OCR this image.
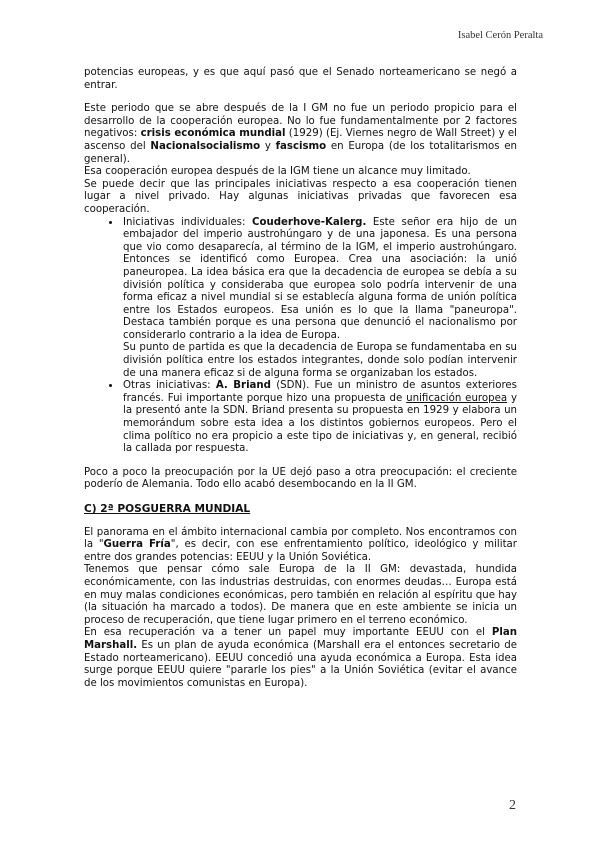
Isabel Cerón Peralta

potencias europeas, y es que aquí pasó que el Senado norteamericano se negó a entrar.

Este periodo que se abre después de la I GM no fue un periodo propicio para el desarrollo de la cooperación europea. No lo fue fundamentalmente por 2 factores negativos: crisis económica mundial (1929) (Ej. Viernes negro de Wall Street) y el ascenso del Nacionalsocialismo y fascismo en Europa (de los totalitarismos en general).

Esa cooperación europea después de la IGM tiene un alcance muy limitado.

Se puede decir que las principales iniciativas respecto a esa cooperación tienen lugar a nivel privado. Hay algunas iniciativas privadas que favorecen esa cooperación.

• Iniciativas individuales: Couderhove-Kalerg. Este señor era hijo de un embajador del imperio austrohúngaro y de una japonesa. Es una persona que vio como desaparecía, al término de la IGM, el imperio austrohúngaro. Entonces se identificó como Europea. Crea una asociación: la unió paneuropea. La idea básica era que la decadencia de europea se debía a su división política y consideraba que europea solo podría intervenir de una forma eficaz a nivel mundial si se establecía alguna forma de unión política entre los Estados europeos. Esa unión es lo que la llama "paneuropa". Destaca también porque es una persona que denunció el nacionalismo por considerarlo contrario a la idea de Europa.

Su punto de partida es que la decadencia de Europa se fundamentaba en su división política entre los estados integrantes, donde solo podían intervenir de una manera eficaz si de alguna forma se organizaban los estados.

• Otras iniciativas: A. Briand (SDN). Fue un ministro de asuntos exteriores francés. Fui importante porque hizo una propuesta de unificación europea y la presentó ante la SDN. Briand presenta su propuesta en 1929 y elabora un memorándum sobre esta idea a los distintos gobiernos europeos. Pero el clima político no era propicio a este tipo de iniciativas y, en general, recibió la callada por respuesta.

Poco a poco la preocupación por la UE dejó paso a otra preocupación: el creciente poderío de Alemania. Todo ello acabó desembocando en la II GM.

C) 2ª POSGUERRA MUNDIAL

El panorama en el ámbito internacional cambia por completo. Nos encontramos con la "Guerra Fría", es decir, con ese enfrentamiento político, ideológico y militar entre dos grandes potencias: EEUU y la Unión Soviética.

Tenemos que pensar cómo sale Europa de la II GM: devastada, hundida económicamente, con las industrias destruidas, con enormes deudas… Europa está en muy malas condiciones económicas, pero también en relación al espíritu que hay (la situación ha marcado a todos). De manera que en este ambiente se inicia un proceso de recuperación, que tiene lugar primero en el terreno económico.

En esa recuperación va a tener un papel muy importante EEUU con el Plan Marshall. Es un plan de ayuda económica (Marshall era el entonces secretario de Estado norteamericano). EEUU concedió una ayuda económica a Europa. Esta idea surge porque EEUU quiere "pararle los pies" a la Unión Soviética (evitar el avance de los movimientos comunistas en Europa).

2
